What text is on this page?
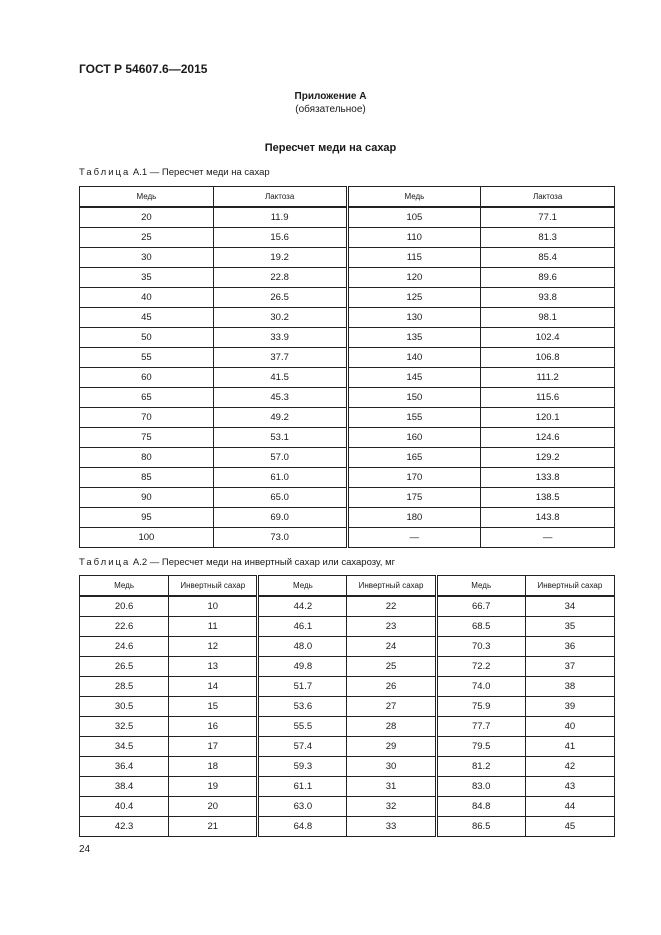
ГОСТ Р 54607.6—2015
Приложение А
(обязательное)
Пересчет меди на сахар
Таблица А.1 — Пересчет меди на сахар
Медь	Лактоза	Медь	Лактоза
20	11.9	105	77.1
25	15.6	110	81.3
30	19.2	115	85.4
35	22.8	120	89.6
40	26.5	125	93.8
45	30.2	130	98.1
50	33.9	135	102.4
55	37.7	140	106.8
60	41.5	145	111.2
65	45.3	150	115.6
70	49.2	155	120.1
75	53.1	160	124.6
80	57.0	165	129.2
85	61.0	170	133.8
90	65.0	175	138.5
95	69.0	180	143.8
100	73.0	—	—
Таблица А.2 — Пересчет меди на инвертный сахар или сахарозу, мг
Медь	Инвертный сахар	Медь	Инвертный сахар	Медь	Инвертный сахар
20.6	10	44.2	22	66.7	34
22.6	11	46.1	23	68.5	35
24.6	12	48.0	24	70.3	36
26.5	13	49.8	25	72.2	37
28.5	14	51.7	26	74.0	38
30.5	15	53.6	27	75.9	39
32.5	16	55.5	28	77.7	40
34.5	17	57.4	29	79.5	41
36.4	18	59.3	30	81.2	42
38.4	19	61.1	31	83.0	43
40.4	20	63.0	32	84.8	44
42.3	21	64.8	33	86.5	45
24
